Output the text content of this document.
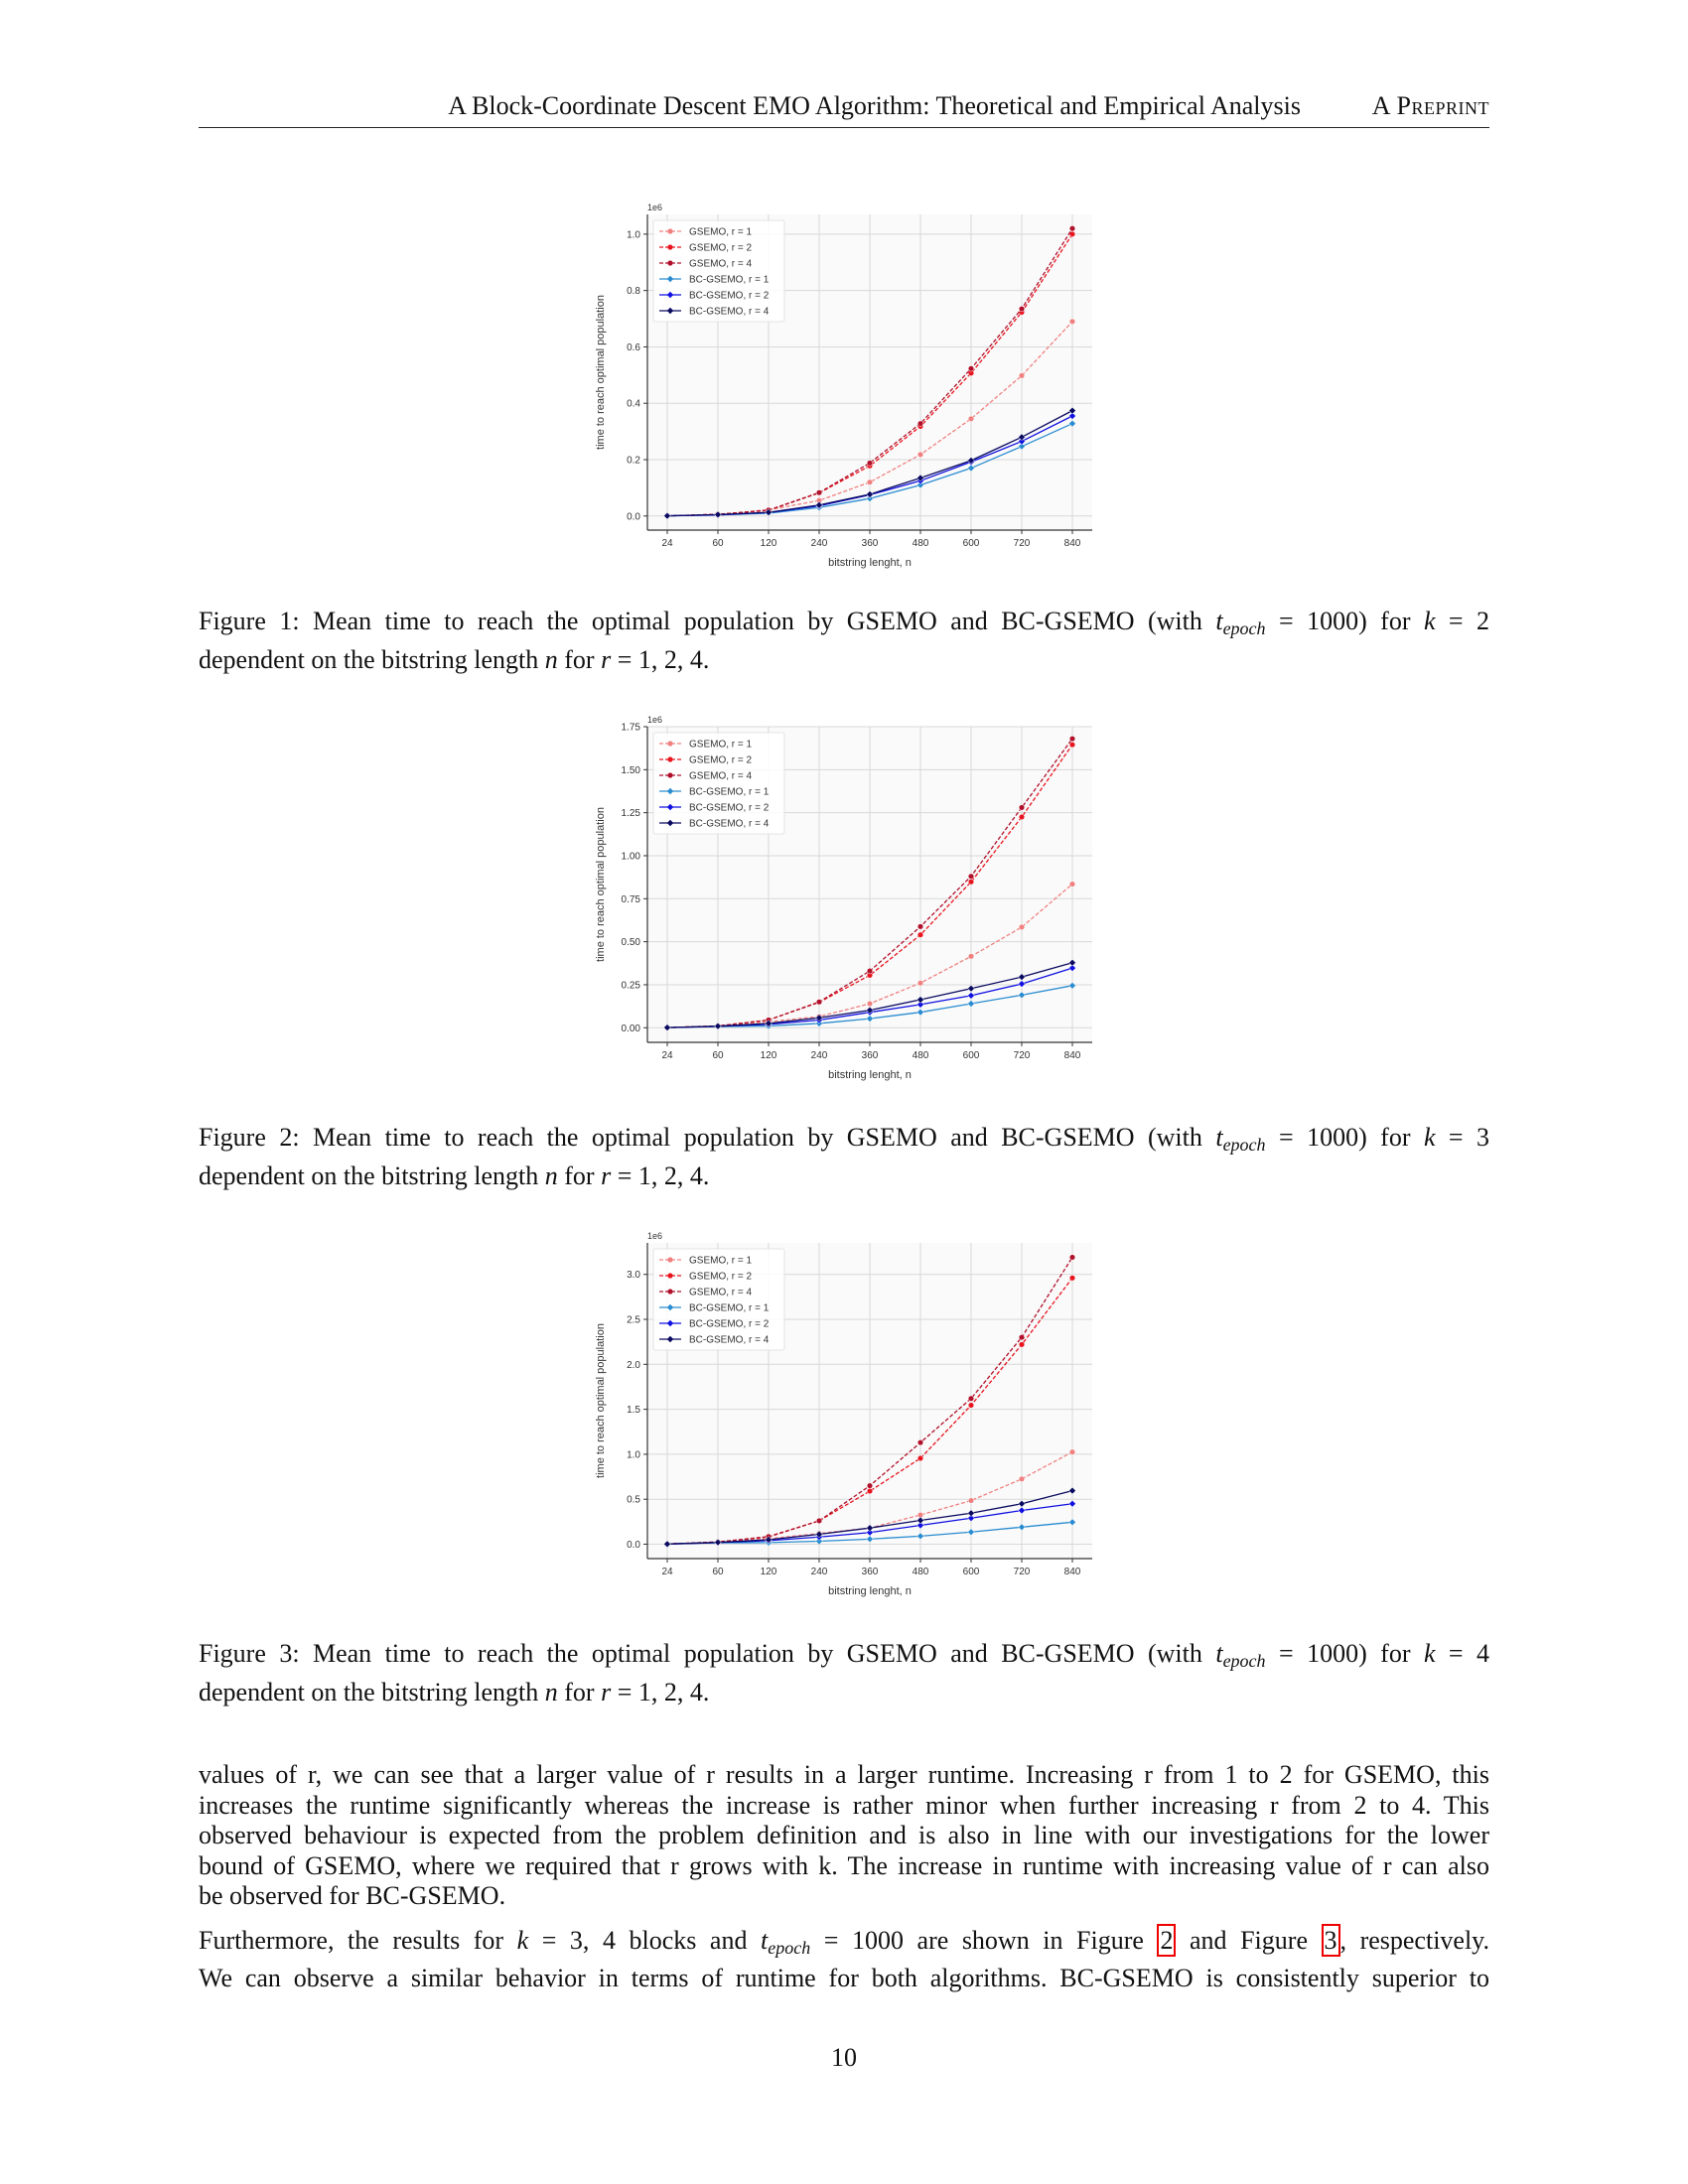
A Block-Coordinate Descent EMO Algorithm: Theoretical and Empirical Analysis	A Preprint
24	60	120	240	360	480	600	720	840
0.0
0.2
0.4
0.6
0.8
1.0
1e6
bitstring lenght, n
time to reach optimal population
GSEMO, r = 1
GSEMO, r = 2
GSEMO, r = 4
BC-GSEMO, r = 1
BC-GSEMO, r = 2
BC-GSEMO, r = 4
Figure 1: Mean time to reach the optimal population by GSEMO and BC-GSEMO (with $t_{epoch} = 1000$) for k = 2
dependent on the bitstring length n for r = 1, 2, 4.
24	60	120	240	360	480	600	720	840
0.00
0.25
0.50
0.75
1.00
1.25
1.50
1.75
1e6
bitstring lenght, n
time to reach optimal population
GSEMO, r = 1
GSEMO, r = 2
GSEMO, r = 4
BC-GSEMO, r = 1
BC-GSEMO, r = 2
BC-GSEMO, r = 4
Figure 2: Mean time to reach the optimal population by GSEMO and BC-GSEMO (with $t_{epoch} = 1000$) for k = 3
dependent on the bitstring length n for r = 1, 2, 4.
24	60	120	240	360	480	600	720	840
0.0
0.5
1.0
1.5
2.0
2.5
3.0
1e6
bitstring lenght, n
time to reach optimal population
GSEMO, r = 1
GSEMO, r = 2
GSEMO, r = 4
BC-GSEMO, r = 1
BC-GSEMO, r = 2
BC-GSEMO, r = 4
Figure 3: Mean time to reach the optimal population by GSEMO and BC-GSEMO (with $t_{epoch} = 1000$) for k = 4
dependent on the bitstring length n for r = 1, 2, 4.
values of r, we can see that a larger value of r results in a larger runtime. Increasing r from 1 to 2 for GSEMO, this
increases the runtime significantly whereas the increase is rather minor when further increasing r from 2 to 4. This
observed behaviour is expected from the problem definition and is also in line with our investigations for the lower
bound of GSEMO, where we required that r grows with k. The increase in runtime with increasing value of r can also
be observed for BC-GSEMO.
Furthermore, the results for k = 3, 4 blocks and $t_{epoch} = 1000$ are shown in Figure 2 and Figure 3 , respectively.
We can observe a similar behavior in terms of runtime for both algorithms. BC-GSEMO is consistently superior to
10
